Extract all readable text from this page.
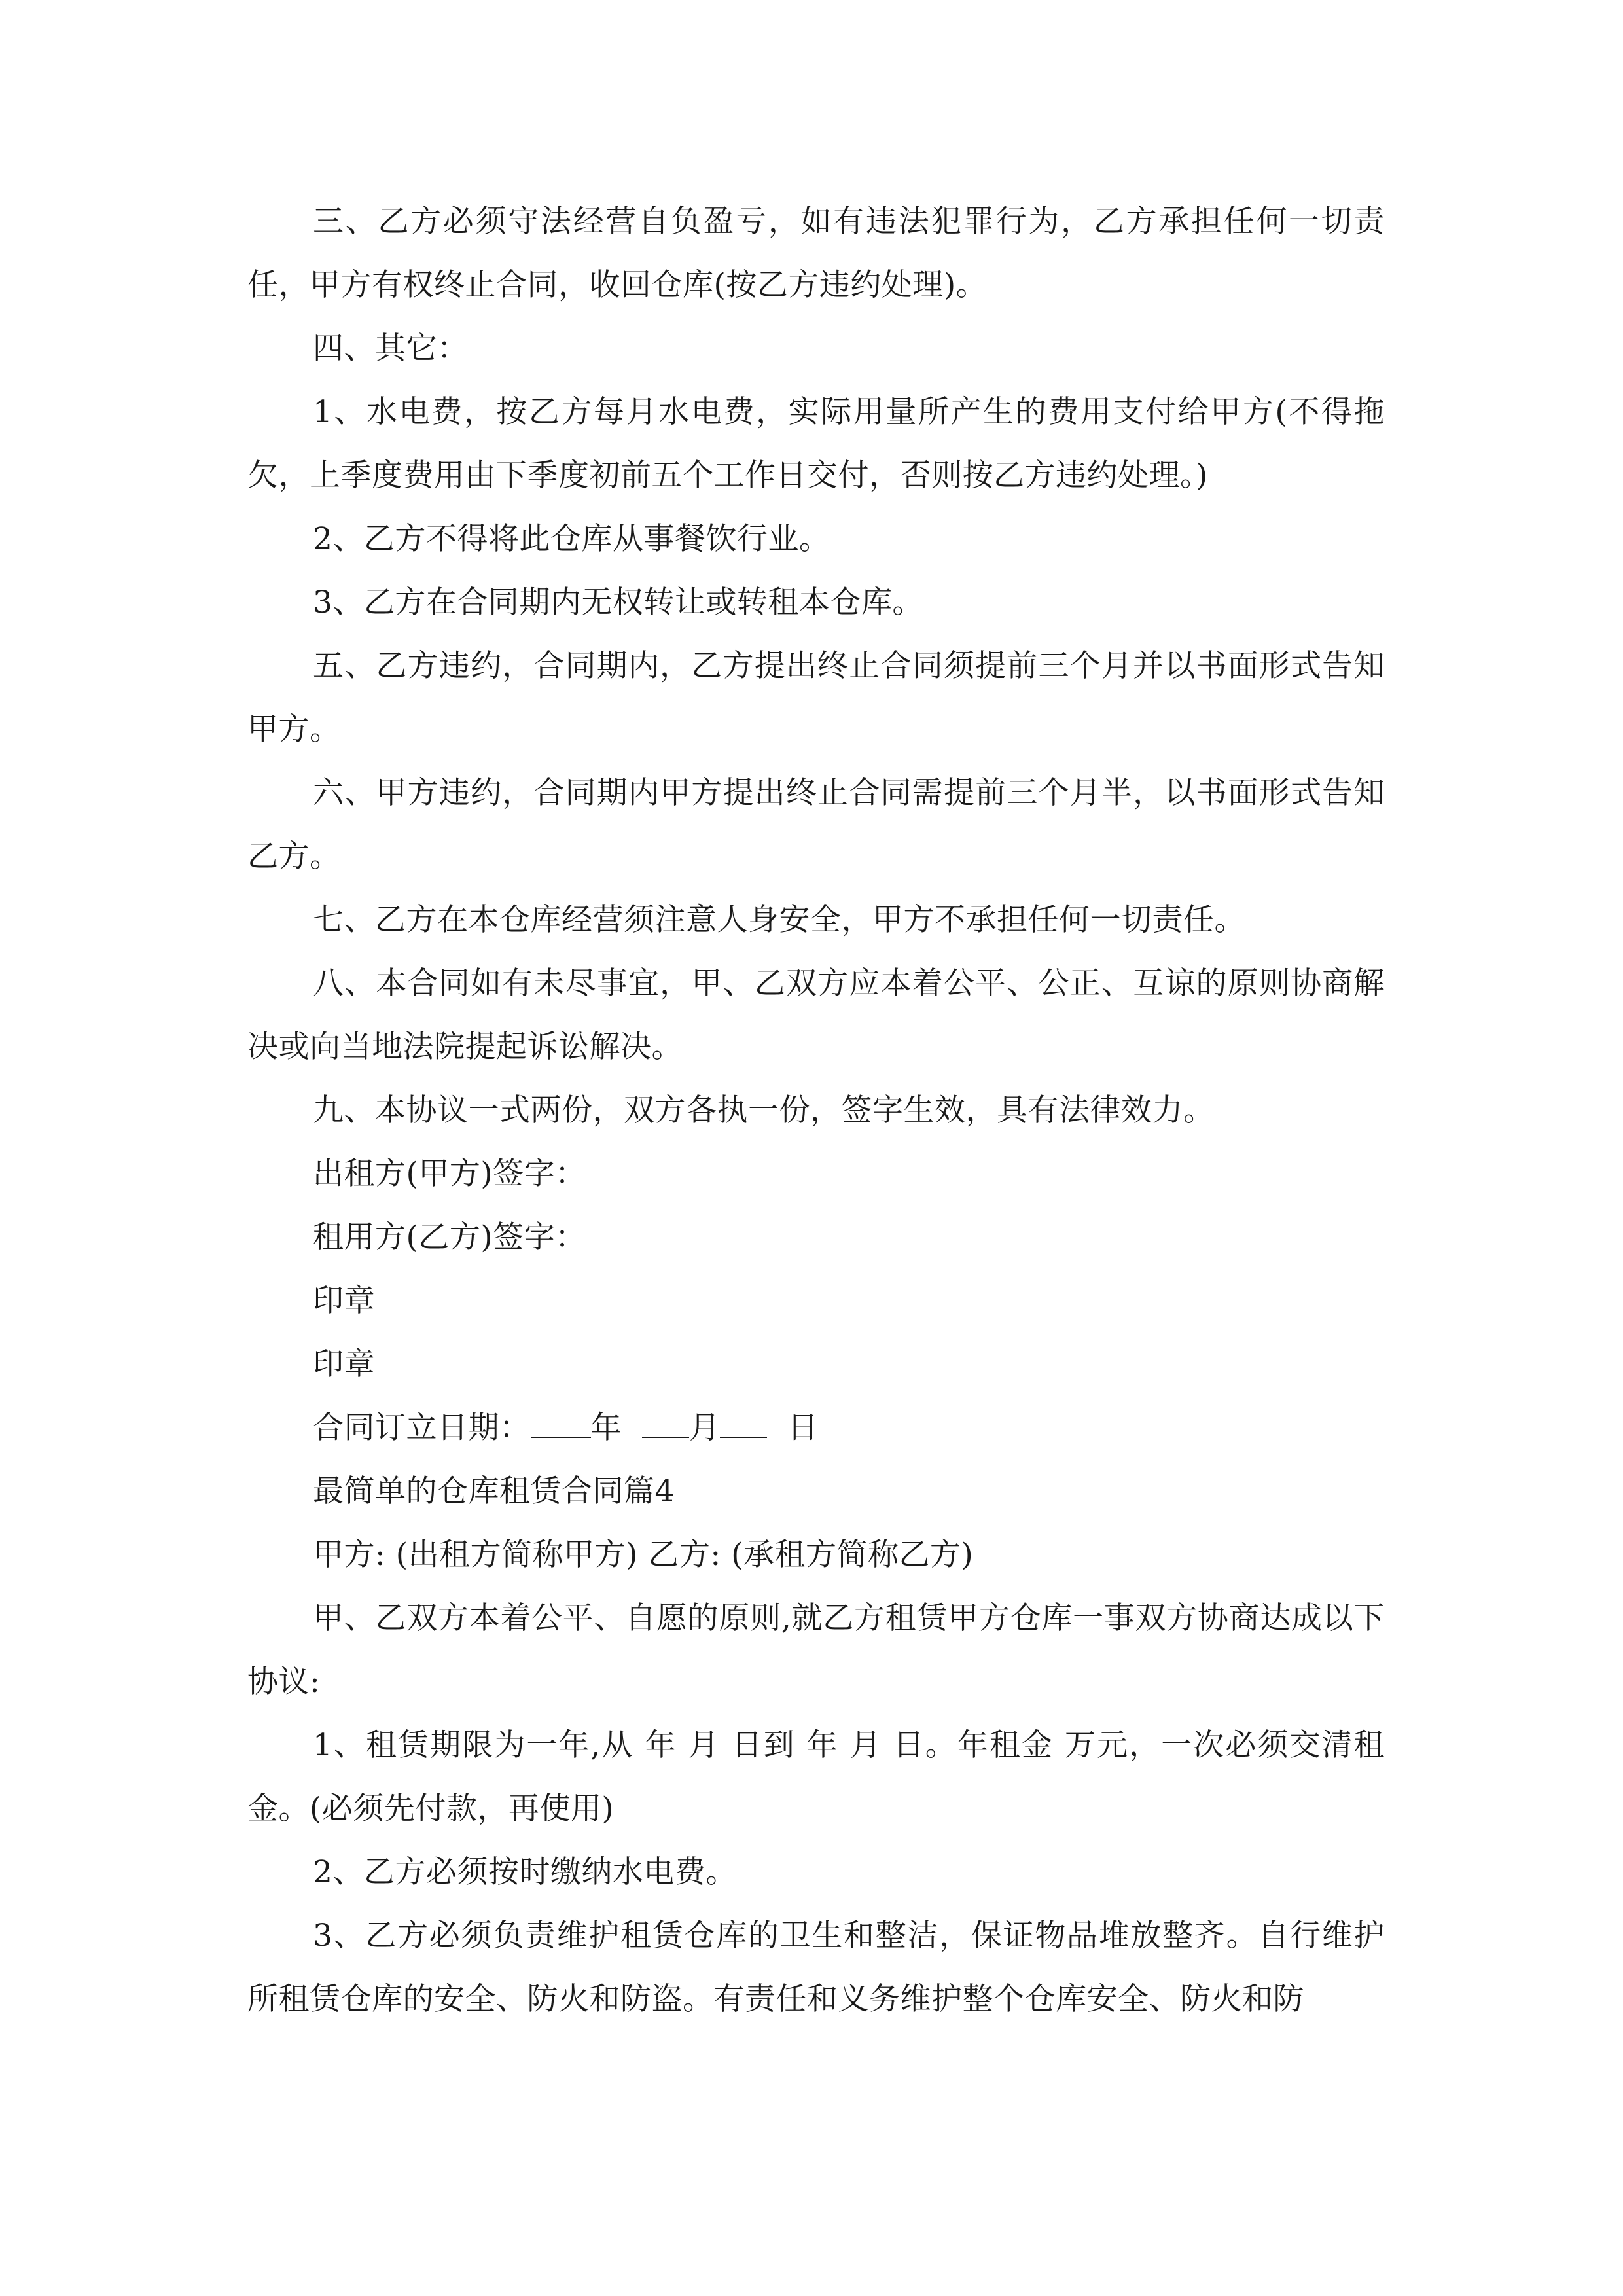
三、乙方必须守法经营自负盈亏，如有违法犯罪行为，乙方承担任何一切责任，甲方有权终止合同，收回仓库(按乙方违约处理)。

四、其它：

1、水电费，按乙方每月水电费，实际用量所产生的费用支付给甲方(不得拖欠，上季度费用由下季度初前五个工作日交付，否则按乙方违约处理。)

2、乙方不得将此仓库从事餐饮行业。

3、乙方在合同期内无权转让或转租本仓库。

五、乙方违约，合同期内，乙方提出终止合同须提前三个月并以书面形式告知甲方。

六、甲方违约，合同期内甲方提出终止合同需提前三个月半，以书面形式告知乙方。

七、乙方在本仓库经营须注意人身安全，甲方不承担任何一切责任。

八、本合同如有未尽事宜，甲、乙双方应本着公平、公正、互谅的原则协商解决或向当地法院提起诉讼解决。

九、本协议一式两份，双方各执一份，签字生效，具有法律效力。

出租方(甲方)签字：

租用方(乙方)签字：

印章

印章

合同订立日期： 年 月 日

最简单的仓库租赁合同篇4

甲方: (出租方简称甲方) 乙方: (承租方简称乙方)

甲、乙双方本着公平、自愿的原则,就乙方租赁甲方仓库一事双方协商达成以下协议:

1、租赁期限为一年,从 年 月 日到 年 月 日。年租金 万元，一次必须交清租金。(必须先付款，再使用)

2、乙方必须按时缴纳水电费。

3、乙方必须负责维护租赁仓库的卫生和整洁，保证物品堆放整齐。自行维护所租赁仓库的安全、防火和防盗。有责任和义务维护整个仓库安全、防火和防
